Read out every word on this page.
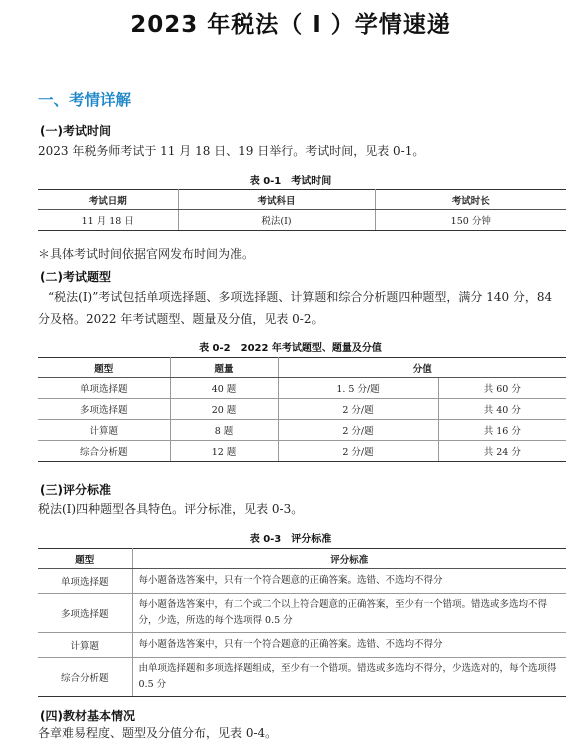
2023 年税法（ Ⅰ ）学情速递
一、考情详解
(一)考试时间
2023 年税务师考试于 11 月 18 日、19 日举行。考试时间，见表 0-1。
表 0-1　考试时间
考试日期	考试科目	考试时长
11 月 18 日	税法(Ⅰ)	150 分钟
＊具体考试时间依据官网发布时间为准。
(二)考试题型
“税法(Ⅰ)”考试包括单项选择题、多项选择题、计算题和综合分析题四种题型，满分 140 分，84 分及格。2022 年考试题型、题量及分值，见表 0-2。
表 0-2　2022 年考试题型、题量及分值
题型	题量	分值	
单项选择题	40 题	1. 5 分/题	共 60 分
多项选择题	20 题	2 分/题	共 40 分
计算题	8 题	2 分/题	共 16 分
综合分析题	12 题	2 分/题	共 24 分
(三)评分标准
税法(Ⅰ)四种题型各具特色。评分标准，见表 0-3。
表 0-3　评分标准
题型	评分标准
单项选择题	每小题备选答案中，只有一个符合题意的正确答案。选错、不选均不得分
多项选择题	每小题备选答案中，有二个或二个以上符合题意的正确答案，至少有一个错项。错选或多选均不得分，少选，所选的每个选项得 0.5 分
计算题	每小题备选答案中，只有一个符合题意的正确答案。选错、不选均不得分
综合分析题	由单项选择题和多项选择题组成，至少有一个错项。错选或多选均不得分，少选选对的，每个选项得 0.5 分
(四)教材基本情况
各章难易程度、题型及分值分布，见表 0-4。
